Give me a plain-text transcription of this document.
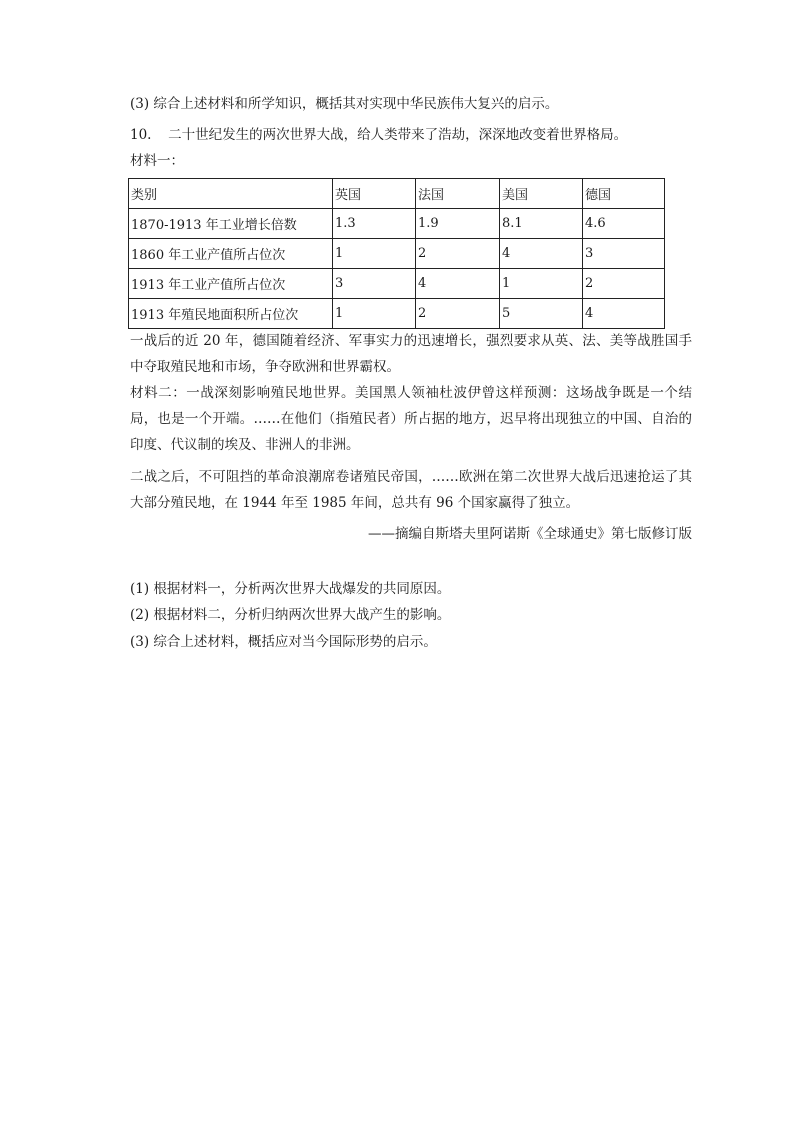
(3) 综合上述材料和所学知识，概括其对实现中华民族伟大复兴的启示。
10. 二十世纪发生的两次世界大战，给人类带来了浩劫，深深地改变着世界格局。
材料一：
类别	英国	法国	美国	德国
1870-1913 年工业增长倍数	1.3	1.9	8.1	4.6
1860 年工业产值所占位次	1	2	4	3
1913 年工业产值所占位次	3	4	1	2
1913 年殖民地面积所占位次	1	2	5	4
一战后的近 20 年，德国随着经济、军事实力的迅速增长，强烈要求从英、法、美等战胜国手中夺取殖民地和市场，争夺欧洲和世界霸权。
材料二：一战深刻影响殖民地世界。美国黑人领袖杜波伊曾这样预测：这场战争既是一个结局，也是一个开端。……在他们（指殖民者）所占据的地方，迟早将出现独立的中国、自治的印度、代议制的埃及、非洲人的非洲。
二战之后，不可阻挡的革命浪潮席卷诸殖民帝国，……欧洲在第二次世界大战后迅速抢运了其大部分殖民地，在 1944 年至 1985 年间，总共有 96 个国家赢得了独立。
——摘编自斯塔夫里阿诺斯《全球通史》第七版修订版
(1) 根据材料一，分析两次世界大战爆发的共同原因。
(2) 根据材料二，分析归纳两次世界大战产生的影响。
(3) 综合上述材料，概括应对当今国际形势的启示。
